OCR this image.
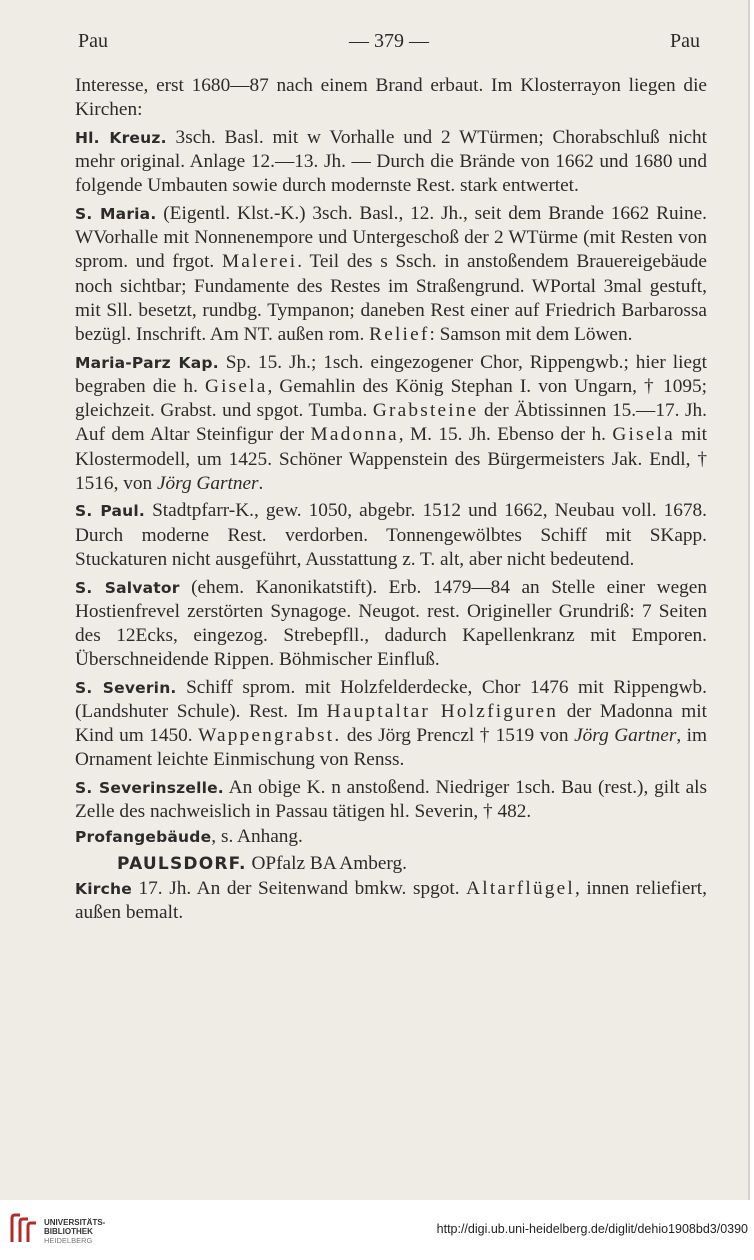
Pau	— 379 —	Pau

Interesse, erst 1680—87 nach einem Brand erbaut. Im Klosterrayon liegen die Kirchen:

Hl. Kreuz. 3sch. Basl. mit w Vorhalle und 2 WTürmen; Chorabschluß nicht mehr original. Anlage 12.—13. Jh. — Durch die Brände von 1662 und 1680 und folgende Umbauten sowie durch modernste Rest. stark entwertet.

S. Maria. (Eigentl. Klst.-K.) 3sch. Basl., 12. Jh., seit dem Brande 1662 Ruine. WVorhalle mit Nonnenempore und Untergeschoß der 2 WTürme (mit Resten von sprom. und frgot. Malerei. Teil des s Ssch. in anstoßendem Brauereigebäude noch sichtbar; Fundamente des Restes im Straßengrund. WPortal 3mal gestuft, mit Sll. besetzt, rundbg. Tympanon; daneben Rest einer auf Friedrich Barbarossa bezügl. Inschrift. Am NT. außen rom. Relief: Samson mit dem Löwen.

Maria-Parz Kap. Sp. 15. Jh.; 1sch. eingezogener Chor, Rippengwb.; hier liegt begraben die h. Gisela, Gemahlin des König Stephan I. von Ungarn, † 1095; gleichzeit. Grabst. und spgot. Tumba. Grabsteine der Äbtissinnen 15.—17. Jh. Auf dem Altar Steinfigur der Madonna, M. 15. Jh. Ebenso der h. Gisela mit Klostermodell, um 1425. Schöner Wappenstein des Bürgermeisters Jak. Endl, † 1516, von Jörg Gartner.

S. Paul. Stadtpfarr-K., gew. 1050, abgebr. 1512 und 1662, Neubau voll. 1678. Durch moderne Rest. verdorben. Tonnengewölbtes Schiff mit SKapp. Stuckaturen nicht ausgeführt, Ausstattung z. T. alt, aber nicht bedeutend.

S. Salvator (ehem. Kanonikatstift). Erb. 1479—84 an Stelle einer wegen Hostienfrevel zerstörten Synagoge. Neugot. rest. Origineller Grundriß: 7 Seiten des 12Ecks, eingezog. Strebepfll., dadurch Kapellenkranz mit Emporen. Überschneidende Rippen. Böhmischer Einfluß.

S. Severin. Schiff sprom. mit Holzfelderdecke, Chor 1476 mit Rippengwb. (Landshuter Schule). Rest. Im Hauptaltar Holzfiguren der Madonna mit Kind um 1450. Wappengrabst. des Jörg Prenczl † 1519 von Jörg Gartner, im Ornament leichte Einmischung von Renss.

S. Severinszelle. An obige K. n anstoßend. Niedriger 1sch. Bau (rest.), gilt als Zelle des nachweislich in Passau tätigen hl. Severin, † 482.

Profangebäude, s. Anhang.

PAULSDORF. OPfalz BA Amberg.

Kirche 17. Jh. An der Seitenwand bmkw. spgot. Altarflügel, innen reliefiert, außen bemalt.

UNIVERSITÄTS-
BIBLIOTHEK
HEIDELBERG
http://digi.ub.uni-heidelberg.de/diglit/dehio1908bd3/0390
